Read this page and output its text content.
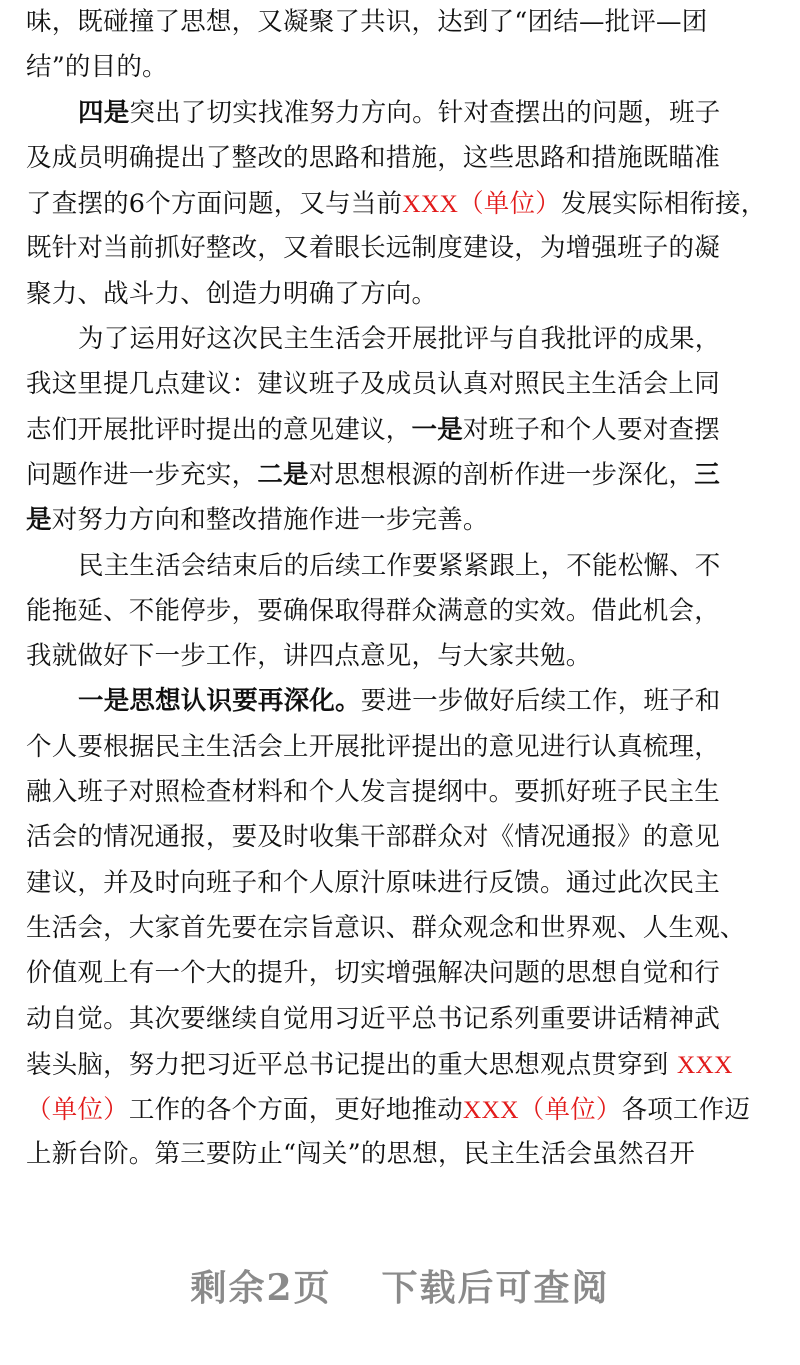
味，既碰撞了思想，又凝聚了共识，达到了“团结—批评—团
结”的目的。
四是突出了切实找准努力方向。针对查摆出的问题，班子
及成员明确提出了整改的思路和措施，这些思路和措施既瞄准
了查摆的6个方面问题，又与当前XXX（单位）发展实际相衔接，
既针对当前抓好整改，又着眼长远制度建设，为增强班子的凝
聚力、战斗力、创造力明确了方向。
为了运用好这次民主生活会开展批评与自我批评的成果，
我这里提几点建议：建议班子及成员认真对照民主生活会上同
志们开展批评时提出的意见建议，一是对班子和个人要对查摆
问题作进一步充实，二是对思想根源的剖析作进一步深化，三
是对努力方向和整改措施作进一步完善。
民主生活会结束后的后续工作要紧紧跟上，不能松懈、不
能拖延、不能停步，要确保取得群众满意的实效。借此机会，
我就做好下一步工作，讲四点意见，与大家共勉。
一是思想认识要再深化。要进一步做好后续工作，班子和
个人要根据民主生活会上开展批评提出的意见进行认真梳理，
融入班子对照检查材料和个人发言提纲中。要抓好班子民主生
活会的情况通报，要及时收集干部群众对《情况通报》的意见
建议，并及时向班子和个人原汁原味进行反馈。通过此次民主
生活会，大家首先要在宗旨意识、群众观念和世界观、人生观、
价值观上有一个大的提升，切实增强解决问题的思想自觉和行
动自觉。其次要继续自觉用习近平总书记系列重要讲话精神武
装头脑，努力把习近平总书记提出的重大思想观点贯穿到 XXX
（单位）工作的各个方面，更好地推动XXX（单位）各项工作迈
上新台阶。第三要防止“闯关”的思想，民主生活会虽然召开
剩余2页 下载后可查阅
